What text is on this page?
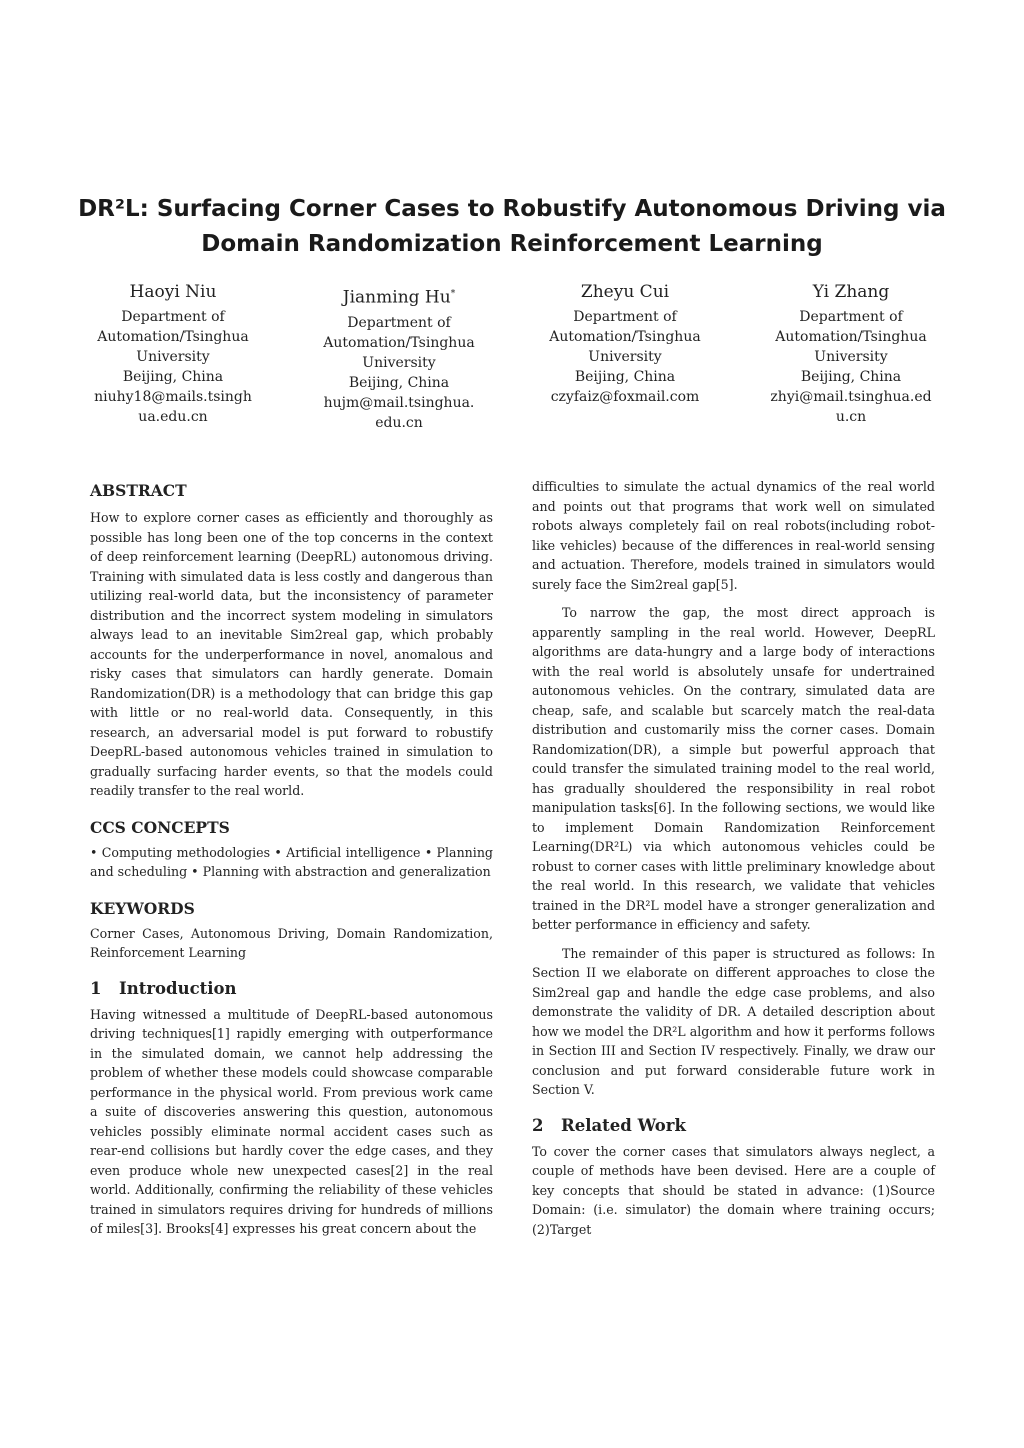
DR²L: Surfacing Corner Cases to Robustify Autonomous Driving via
Domain Randomization Reinforcement Learning
Haoyi Niu
Department of
Automation/Tsinghua
University
Beijing, China
niuhy18@mails.tsingh
ua.edu.cn
Jianming Hu*
Department of
Automation/Tsinghua
University
Beijing, China
hujm@mail.tsinghua.
edu.cn
Zheyu Cui
Department of
Automation/Tsinghua
University
Beijing, China
czyfaiz@foxmail.com
Yi Zhang
Department of
Automation/Tsinghua
University
Beijing, China
zhyi@mail.tsinghua.ed
u.cn
ABSTRACT

How to explore corner cases as efficiently and thoroughly as possible has long been one of the top concerns in the context of deep reinforcement learning (DeepRL) autonomous driving. Training with simulated data is less costly and dangerous than utilizing real-world data, but the inconsistency of parameter distribution and the incorrect system modeling in simulators always lead to an inevitable Sim2real gap, which probably accounts for the underperformance in novel, anomalous and risky cases that simulators can hardly generate. Domain Randomization(DR) is a methodology that can bridge this gap with little or no real-world data. Consequently, in this research, an adversarial model is put forward to robustify DeepRL-based autonomous vehicles trained in simulation to gradually surfacing harder events, so that the models could readily transfer to the real world.

CCS CONCEPTS

• Computing methodologies • Artificial intelligence • Planning and scheduling • Planning with abstraction and generalization

KEYWORDS

Corner Cases, Autonomous Driving, Domain Randomization, Reinforcement Learning

1 Introduction

Having witnessed a multitude of DeepRL-based autonomous driving techniques[1] rapidly emerging with outperformance in the simulated domain, we cannot help addressing the problem of whether these models could showcase comparable performance in the physical world. From previous work came a suite of discoveries answering this question, autonomous vehicles possibly eliminate normal accident cases such as rear-end collisions but hardly cover the edge cases, and they even produce whole new unexpected cases[2] in the real world. Additionally, confirming the reliability of these vehicles trained in simulators requires driving for hundreds of millions of miles[3]. Brooks[4] expresses his great concern about the

difficulties to simulate the actual dynamics of the real world and points out that programs that work well on simulated robots always completely fail on real robots(including robot-like vehicles) because of the differences in real-world sensing and actuation. Therefore, models trained in simulators would surely face the Sim2real gap[5].

To narrow the gap, the most direct approach is apparently sampling in the real world. However, DeepRL algorithms are data-hungry and a large body of interactions with the real world is absolutely unsafe for undertrained autonomous vehicles. On the contrary, simulated data are cheap, safe, and scalable but scarcely match the real-data distribution and customarily miss the corner cases. Domain Randomization(DR), a simple but powerful approach that could transfer the simulated training model to the real world, has gradually shouldered the responsibility in real robot manipulation tasks[6]. In the following sections, we would like to implement Domain Randomization Reinforcement Learning(DR²L) via which autonomous vehicles could be robust to corner cases with little preliminary knowledge about the real world. In this research, we validate that vehicles trained in the DR²L model have a stronger generalization and better performance in efficiency and safety.

The remainder of this paper is structured as follows: In Section II we elaborate on different approaches to close the Sim2real gap and handle the edge case problems, and also demonstrate the validity of DR. A detailed description about how we model the DR²L algorithm and how it performs follows in Section III and Section IV respectively. Finally, we draw our conclusion and put forward considerable future work in Section V.

2 Related Work

To cover the corner cases that simulators always neglect, a couple of methods have been devised. Here are a couple of key concepts that should be stated in advance: (1)Source Domain: (i.e. simulator) the domain where training occurs; (2)Target
